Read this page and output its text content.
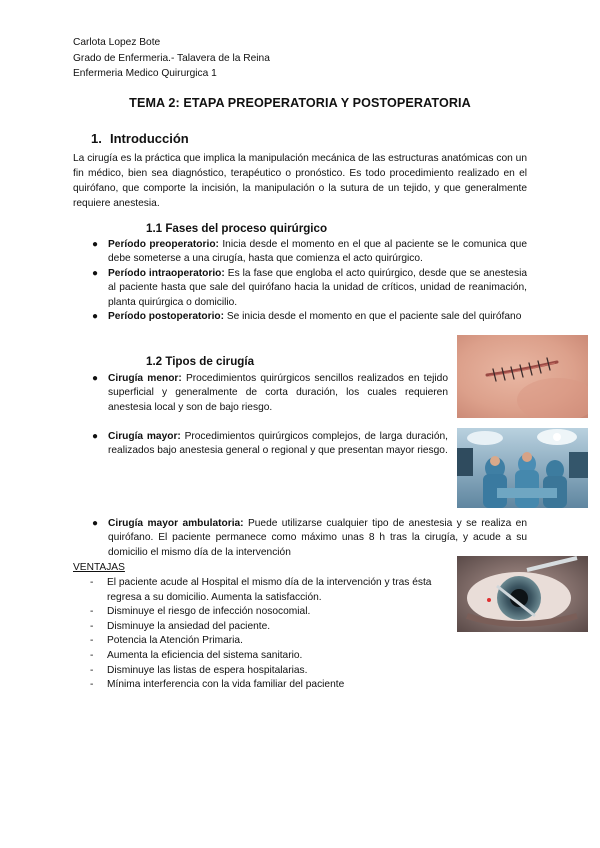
Carlota Lopez Bote
Grado de Enfermeria.- Talavera de la Reina
Enfermeria Medico Quirurgica 1
TEMA 2: ETAPA PREOPERATORIA Y POSTOPERATORIA
1. Introducción
La cirugía es la práctica que implica la manipulación mecánica de las estructuras anatómicas con un fin médico, bien sea diagnóstico, terapéutico o pronóstico. Es todo procedimiento realizado en el quirófano, que comporte la incisión, la manipulación o la sutura de un tejido, y que generalmente requiere anestesia.
1.1 Fases del proceso quirúrgico
● Período preoperatorio: Inicia desde el momento en el que al paciente se le comunica que debe someterse a una cirugía, hasta que comienza el acto quirúrgico.
● Período intraoperatorio: Es la fase que engloba el acto quirúrgico, desde que se anestesia al paciente hasta que sale del quirófano hacia la unidad de críticos, unidad de reanimación, planta quirúrgica o domicilio.
● Período postoperatorio: Se inicia desde el momento en que el paciente sale del quirófano
1.2 Tipos de cirugía
● Cirugía menor: Procedimientos quirúrgicos sencillos realizados en tejido superficial y generalmente de corta duración, los cuales requieren anestesia local y son de bajo riesgo.
● Cirugía mayor: Procedimientos quirúrgicos complejos, de larga duración, realizados bajo anestesia general o regional y que presentan mayor riesgo.
● Cirugía mayor ambulatoria: Puede utilizarse cualquier tipo de anestesia y se realiza en quirófano. El paciente permanece como máximo unas 8 h tras la cirugía, y acude a su domicilio el mismo día de la intervención
VENTAJAS
- El paciente acude al Hospital el mismo día de la intervención y tras ésta regresa a su domicilio. Aumenta la satisfacción.
- Disminuye el riesgo de infección nosocomial.
- Disminuye la ansiedad del paciente.
- Potencia la Atención Primaria.
- Aumenta la eficiencia del sistema sanitario.
- Disminuye las listas de espera hospitalarias.
- Mínima interferencia con la vida familiar del paciente
